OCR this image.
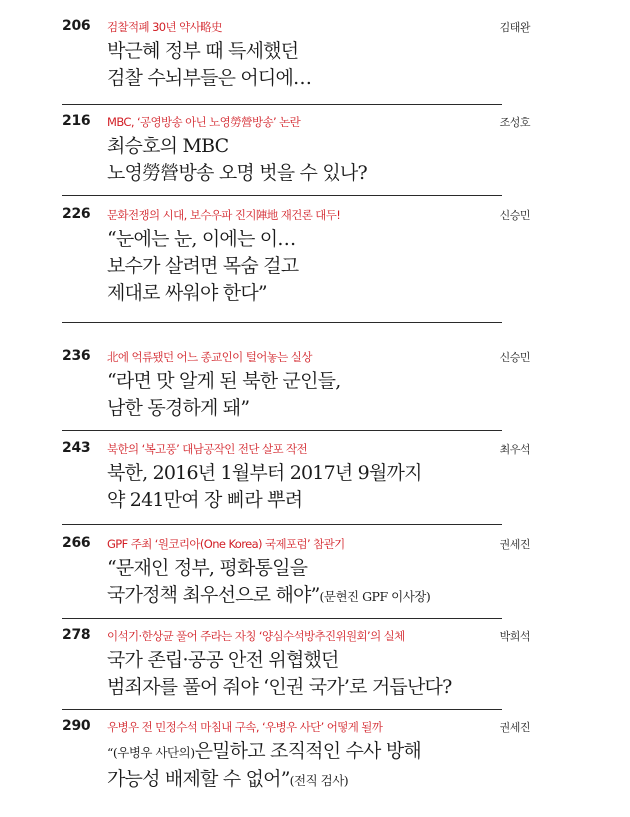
206 검찰적폐 30년 약사略史	김태완
박근혜 정부 때 득세했던
검찰 수뇌부들은 어디에…
216 MBC, ‘공영방송 아닌 노영勞營방송’ 논란	조성호
최승호의 MBC
노영勞營방송 오명 벗을 수 있나?
226 문화전쟁의 시대, 보수우파 진지陣地 재건론 대두!	신승민
“눈에는 눈, 이에는 이…
보수가 살려면 목숨 걸고
제대로 싸워야 한다”
236 北에 억류됐던 어느 종교인이 털어놓는 실상	신승민
“라면 맛 알게 된 북한 군인들,
남한 동경하게 돼”
243 북한의 ‘복고풍’ 대남공작인 전단 살포 작전	최우석
북한, 2016년 1월부터 2017년 9월까지
약 241만여 장 삐라 뿌려
266 GPF 주최 ‘원코리아(One Korea) 국제포럼’ 참관기	권세진
“문재인 정부, 평화통일을
국가정책 최우선으로 해야”(문현진 GPF 이사장)
278 이석기·한상균 풀어 주라는 자칭 ‘양심수석방추진위원회’의 실체	박희석
국가 존립·공공 안전 위협했던
범죄자를 풀어 줘야 ‘인권 국가’로 거듭난다?
290 우병우 전 민정수석 마침내 구속, ‘우병우 사단’ 어떻게 될까	권세진
“(우병우 사단의)은밀하고 조직적인 수사 방해
가능성 배제할 수 없어”(전직 검사)
